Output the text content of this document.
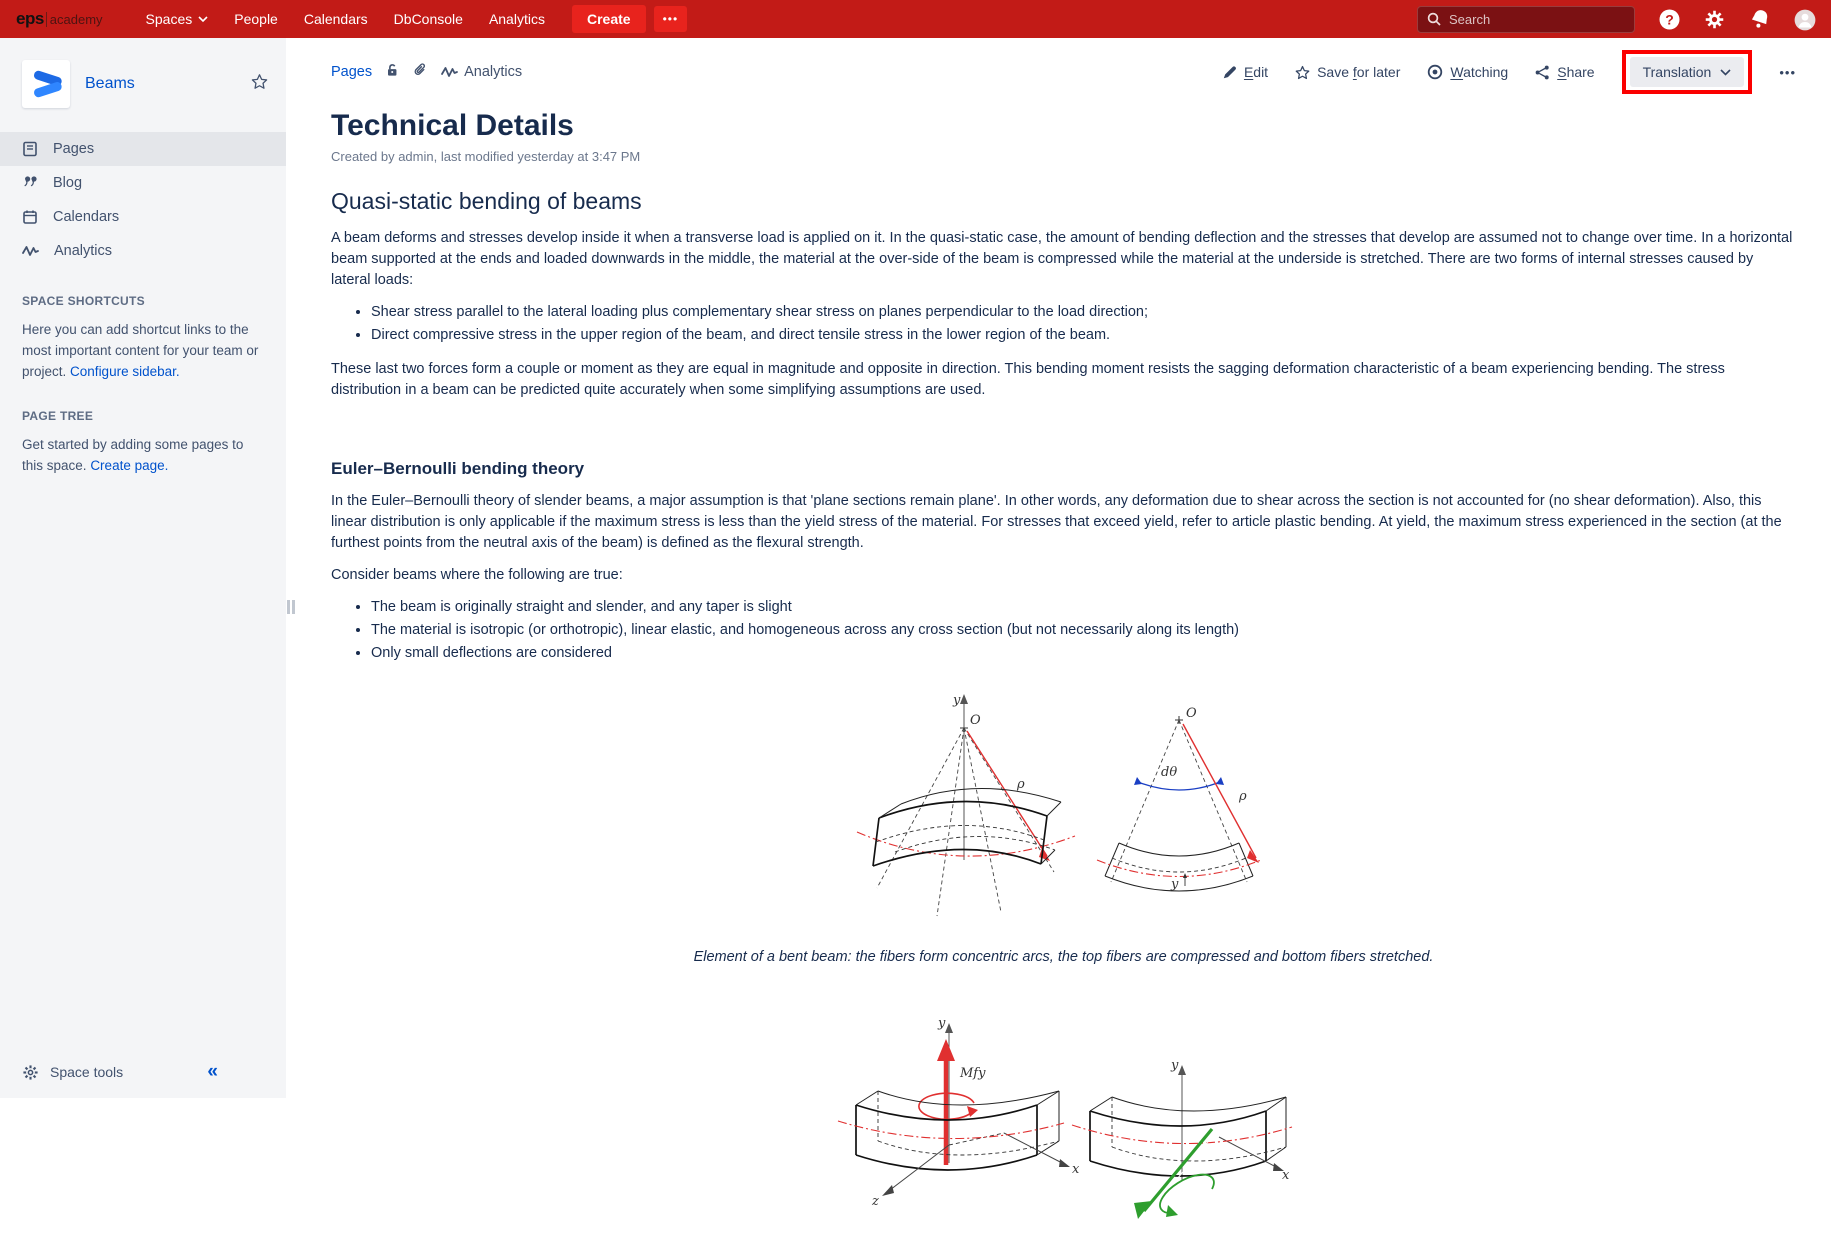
eps academy	Spaces	People Calendars DbConsole Analytics	Create	•••
Search	?
Beams
Pages
Blog
Calendars
Analytics
SPACE SHORTCUTS
Here you can add shortcut links to the most important content for your team or project. Configure sidebar.
PAGE TREE
Get started by adding some pages to this space. Create page.
Space tools	«
Pages	Analytics	Edit	Save for later	Watching	Share	Translation	•••
Technical Details
Created by admin, last modified yesterday at 3:47 PM
Quasi-static bending of beams

A beam deforms and stresses develop inside it when a transverse load is applied on it. In the quasi-static case, the amount of bending deflection and the stresses that develop are assumed not to change over time. In a horizontal beam supported at the ends and loaded downwards in the middle, the material at the over-side of the beam is compressed while the material at the underside is stretched. There are two forms of internal stresses caused by lateral loads:

• Shear stress parallel to the lateral loading plus complementary shear stress on planes perpendicular to the load direction;
• Direct compressive stress in the upper region of the beam, and direct tensile stress in the lower region of the beam.

These last two forces form a couple or moment as they are equal in magnitude and opposite in direction. This bending moment resists the sagging deformation characteristic of a beam experiencing bending. The stress distribution in a beam can be predicted quite accurately when some simplifying assumptions are used.

Euler–Bernoulli bending theory

In the Euler–Bernoulli theory of slender beams, a major assumption is that 'plane sections remain plane'. In other words, any deformation due to shear across the section is not accounted for (no shear deformation). Also, this linear distribution is only applicable if the maximum stress is less than the yield stress of the material. For stresses that exceed yield, refer to article plastic bending. At yield, the maximum stress experienced in the section (at the furthest points from the neutral axis of the beam) is defined as the flexural strength.

Consider beams where the following are true:

• The beam is originally straight and slender, and any taper is slight
• The material is isotropic (or orthotropic), linear elastic, and homogeneous across any cross section (but not necessarily along its length)
• Only small deflections are considered
y
O
ρ
O
dθ
ρ
y
Element of a bent beam: the fibers form concentric arcs, the top fibers are compressed and bottom fibers stretched.
y
Mfy
x
z
y
x
